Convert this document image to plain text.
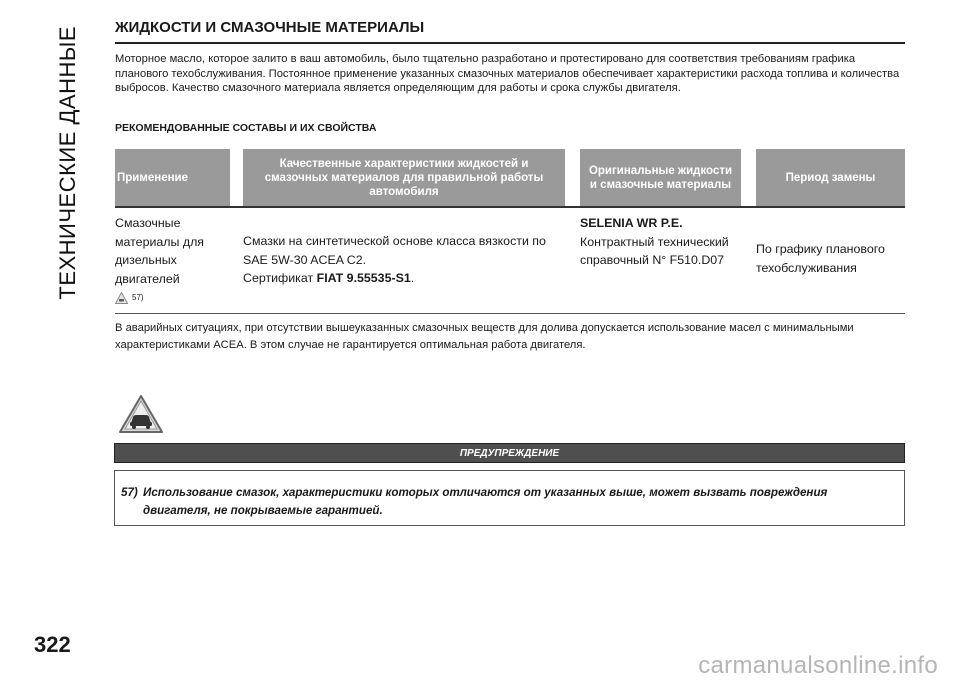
ТЕХНИЧЕСКИЕ ДАННЫЕ ЖИДКОСТИ И СМАЗОЧНЫЕ МАТЕРИАЛЫ

Моторное масло, которое залито в ваш автомобиль, было тщательно разработано и протестировано для соответствия требованиям графика планового техобслуживания. Постоянное применение указанных смазочных материалов обеспечивает характеристики расхода топлива и количества выбросов. Качество смазочного материала является определяющим для работы и срока службы двигателя.

РЕКОМЕНДОВАННЫЕ СОСТАВЫ И ИХ СВОЙСТВА
Применение
Качественные характеристики жидкостей и смазочных материалов для правильной работы автомобиля
Оригинальные жидкости и смазочные материалы
Период замены
Смазочные материалы для дизельных двигателей
57)
Смазки на синтетической основе класса вязкости по SAE 5W-30 ACEA C2.
Сертификат FIAT 9.55535-S1.
SELENIA WR P.E.
Контрактный технический справочный N° F510.D07
По графику планового техобслуживания

В аварийных ситуациях, при отсутствии вышеуказанных смазочных веществ для долива допускается использование масел с минимальными характеристиками ACEA. В этом случае не гарантируется оптимальная работа двигателя.

ПРЕДУПРЕЖДЕНИЕ
57) Использование смазок, характеристики которых отличаются от указанных выше, может вызвать повреждения двигателя, не покрываемые гарантией.
322
carmanualsonline.info
